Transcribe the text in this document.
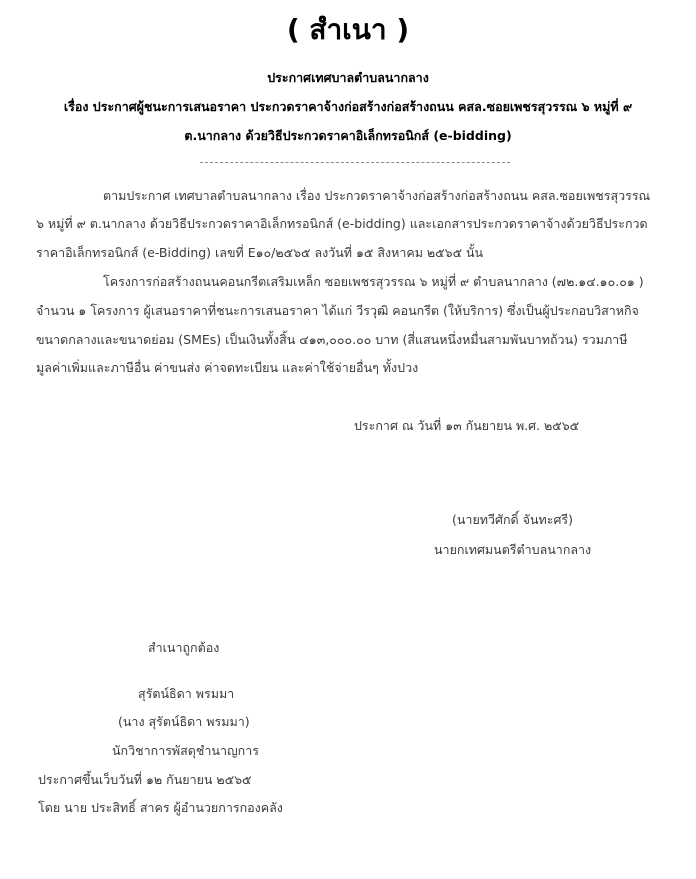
( สำเนา )
ประกาศเทศบาลตำบลนากลาง
เรื่อง ประกาศผู้ชนะการเสนอราคา ประกวดราคาจ้างก่อสร้างก่อสร้างถนน คสล.ซอยเพชรสุวรรณ ๖ หมู่ที่ ๙
ต.นากลาง ด้วยวิธีประกวดราคาอิเล็กทรอนิกส์ (e-bidding)
ตามประกาศ เทศบาลตำบลนากลาง เรื่อง ประกวดราคาจ้างก่อสร้างก่อสร้างถนน คสล.ซอยเพชรสุวรรณ
๖ หมู่ที่ ๙ ต.นากลาง ด้วยวิธีประกวดราคาอิเล็กทรอนิกส์ (e-bidding) และเอกสารประกวดราคาจ้างด้วยวิธีประกวด
ราคาอิเล็กทรอนิกส์ (e-Bidding) เลขที่ E๑๐/๒๕๖๕ ลงวันที่ ๑๕ สิงหาคม ๒๕๖๕ นั้น
โครงการก่อสร้างถนนคอนกรีตเสริมเหล็ก ซอยเพชรสุวรรณ ๖ หมู่ที่ ๙ ตำบลนากลาง (๗๒.๑๔.๑๐.๐๑ )
จำนวน ๑ โครงการ ผู้เสนอราคาที่ชนะการเสนอราคา ได้แก่ วีรวุฒิ คอนกรีต (ให้บริการ) ซึ่งเป็นผู้ประกอบวิสาหกิจ
ขนาดกลางและขนาดย่อม (SMEs) เป็นเงินทั้งสิ้น ๔๑๓,๐๐๐.๐๐ บาท (สี่แสนหนึ่งหมื่นสามพันบาทถ้วน) รวมภาษี
มูลค่าเพิ่มและภาษีอื่น ค่าขนส่ง ค่าจดทะเบียน และค่าใช้จ่ายอื่นๆ ทั้งปวง
ประกาศ ณ วันที่ ๑๓ กันยายน พ.ศ. ๒๕๖๕
(นายทวีศักดิ์ จันทะศรี)
นายกเทศมนตรีตำบลนากลาง
สำเนาถูกต้อง
สุรัตน์ธิดา พรมมา
(นาง สุรัตน์ธิดา พรมมา)
นักวิชาการพัสดุชำนาญการ
ประกาศขึ้นเว็บวันที่ ๑๒ กันยายน ๒๕๖๕
โดย นาย ประสิทธิ์ สาคร ผู้อำนวยการกองคลัง
